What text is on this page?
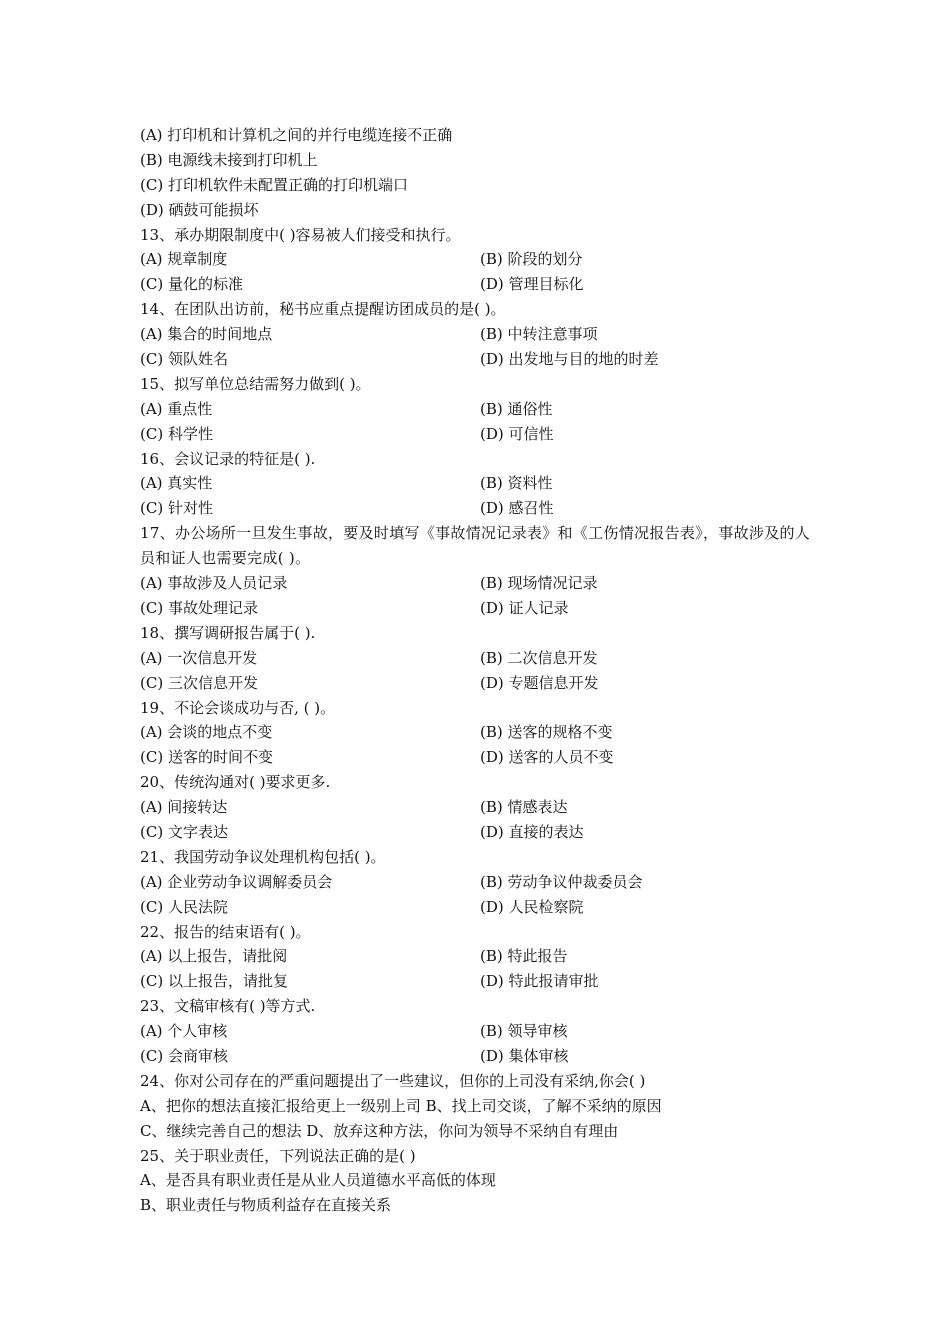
(A) 打印机和计算机之间的并行电缆连接不正确
(B) 电源线未接到打印机上
(C) 打印机软件未配置正确的打印机端口
(D) 硒鼓可能损坏
13、承办期限制度中( )容易被人们接受和执行。
(A) 规章制度	(B) 阶段的划分
(C) 量化的标准	(D) 管理目标化
14、在团队出访前，秘书应重点提醒访团成员的是( )。
(A) 集合的时间地点	(B) 中转注意事项
(C) 领队姓名	(D) 出发地与目的地的时差
15、拟写单位总结需努力做到( )。
(A) 重点性	(B) 通俗性
(C) 科学性	(D) 可信性
16、会议记录的特征是( ).
(A) 真实性	(B) 资料性
(C) 针对性	(D) 感召性
17、办公场所一旦发生事故，要及时填写《事故情况记录表》和《工伤情况报告表》，事故涉及的人员和证人也需要完成( )。
(A) 事故涉及人员记录	(B) 现场情况记录
(C) 事故处理记录	(D) 证人记录
18、撰写调研报告属于( ).
(A) 一次信息开发	(B) 二次信息开发
(C) 三次信息开发	(D) 专题信息开发
19、不论会谈成功与否, ( )。
(A) 会谈的地点不变	(B) 送客的规格不变
(C) 送客的时间不变	(D) 送客的人员不变
20、传统沟通对( )要求更多.
(A) 间接转达	(B) 情感表达
(C) 文字表达	(D) 直接的表达
21、我国劳动争议处理机构包括( )。
(A) 企业劳动争议调解委员会	(B) 劳动争议仲裁委员会
(C) 人民法院	(D) 人民检察院
22、报告的结束语有( )。
(A) 以上报告，请批阅	(B) 特此报告
(C) 以上报告，请批复	(D) 特此报请审批
23、文稿审核有( )等方式.
(A) 个人审核	(B) 领导审核
(C) 会商审核	(D) 集体审核
24、你对公司存在的严重问题提出了一些建议，但你的上司没有采纳,你会( )
A、把你的想法直接汇报给更上一级别上司 B、找上司交谈，了解不采纳的原因
C、继续完善自己的想法 D、放弃这种方法，你问为领导不采纳自有理由
25、关于职业责任，下列说法正确的是( )
A、是否具有职业责任是从业人员道德水平高低的体现
B、职业责任与物质利益存在直接关系
